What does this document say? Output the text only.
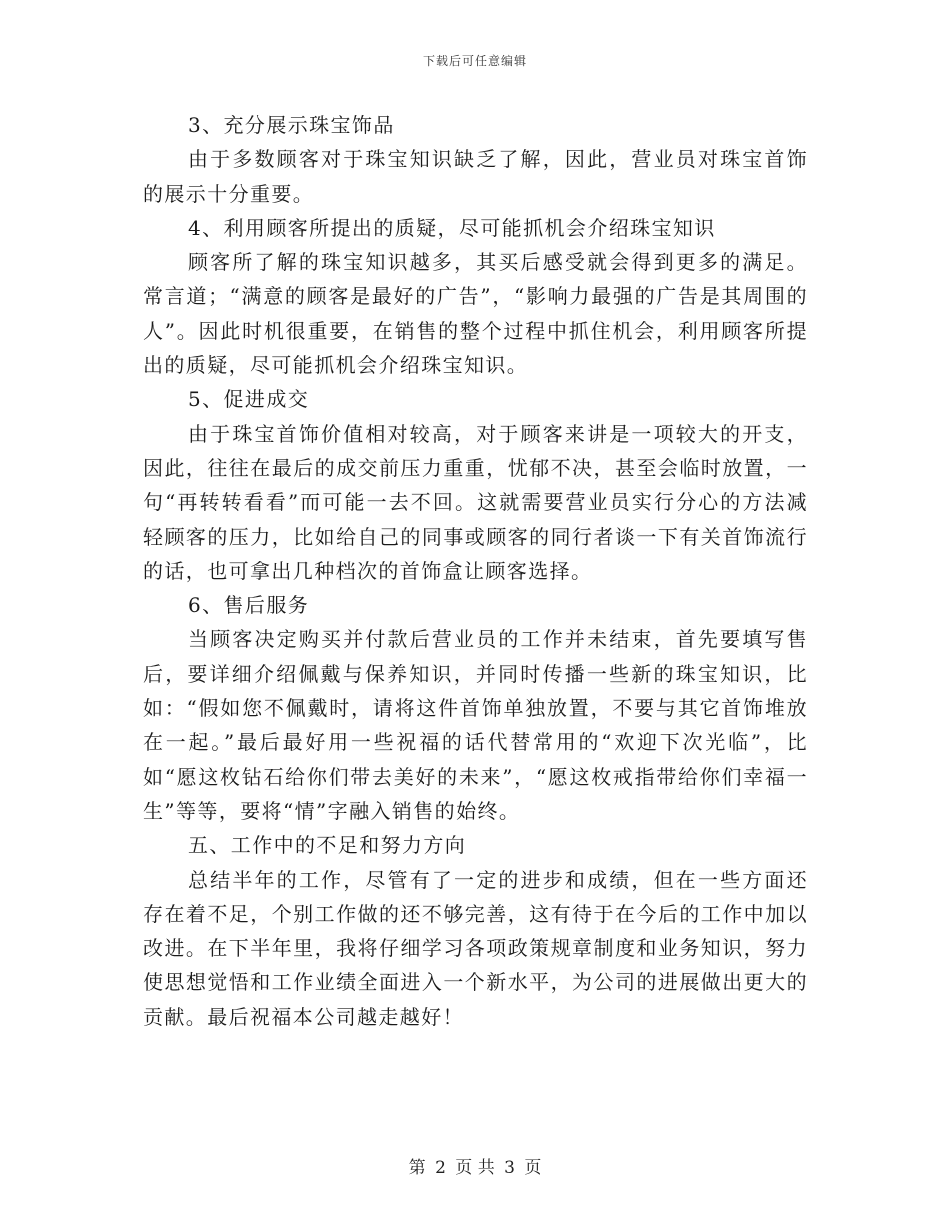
下载后可任意编辑

3、充分展示珠宝饰品

由于多数顾客对于珠宝知识缺乏了解，因此，营业员对珠宝首饰的展示十分重要。

4、利用顾客所提出的质疑，尽可能抓机会介绍珠宝知识

顾客所了解的珠宝知识越多，其买后感受就会得到更多的满足。常言道；“满意的顾客是最好的广告”，“影响力最强的广告是其周围的人”。因此时机很重要，在销售的整个过程中抓住机会，利用顾客所提出的质疑，尽可能抓机会介绍珠宝知识。

5、促进成交

由于珠宝首饰价值相对较高，对于顾客来讲是一项较大的开支，因此，往往在最后的成交前压力重重，忧郁不决，甚至会临时放置，一句“再转转看看”而可能一去不回。这就需要营业员实行分心的方法减轻顾客的压力，比如给自己的同事或顾客的同行者谈一下有关首饰流行的话，也可拿出几种档次的首饰盒让顾客选择。

6、售后服务

当顾客决定购买并付款后营业员的工作并未结束，首先要填写售后，要详细介绍佩戴与保养知识，并同时传播一些新的珠宝知识，比如：“假如您不佩戴时，请将这件首饰单独放置，不要与其它首饰堆放在一起。”最后最好用一些祝福的话代替常用的“欢迎下次光临”，比如“愿这枚钻石给你们带去美好的未来”，“愿这枚戒指带给你们幸福一生”等等，要将“情”字融入销售的始终。

五、工作中的不足和努力方向

总结半年的工作，尽管有了一定的进步和成绩，但在一些方面还存在着不足，个别工作做的还不够完善，这有待于在今后的工作中加以改进。在下半年里，我将仔细学习各项政策规章制度和业务知识，努力使思想觉悟和工作业绩全面进入一个新水平，为公司的进展做出更大的贡献。最后祝福本公司越走越好！

第 2 页 共 3 页
